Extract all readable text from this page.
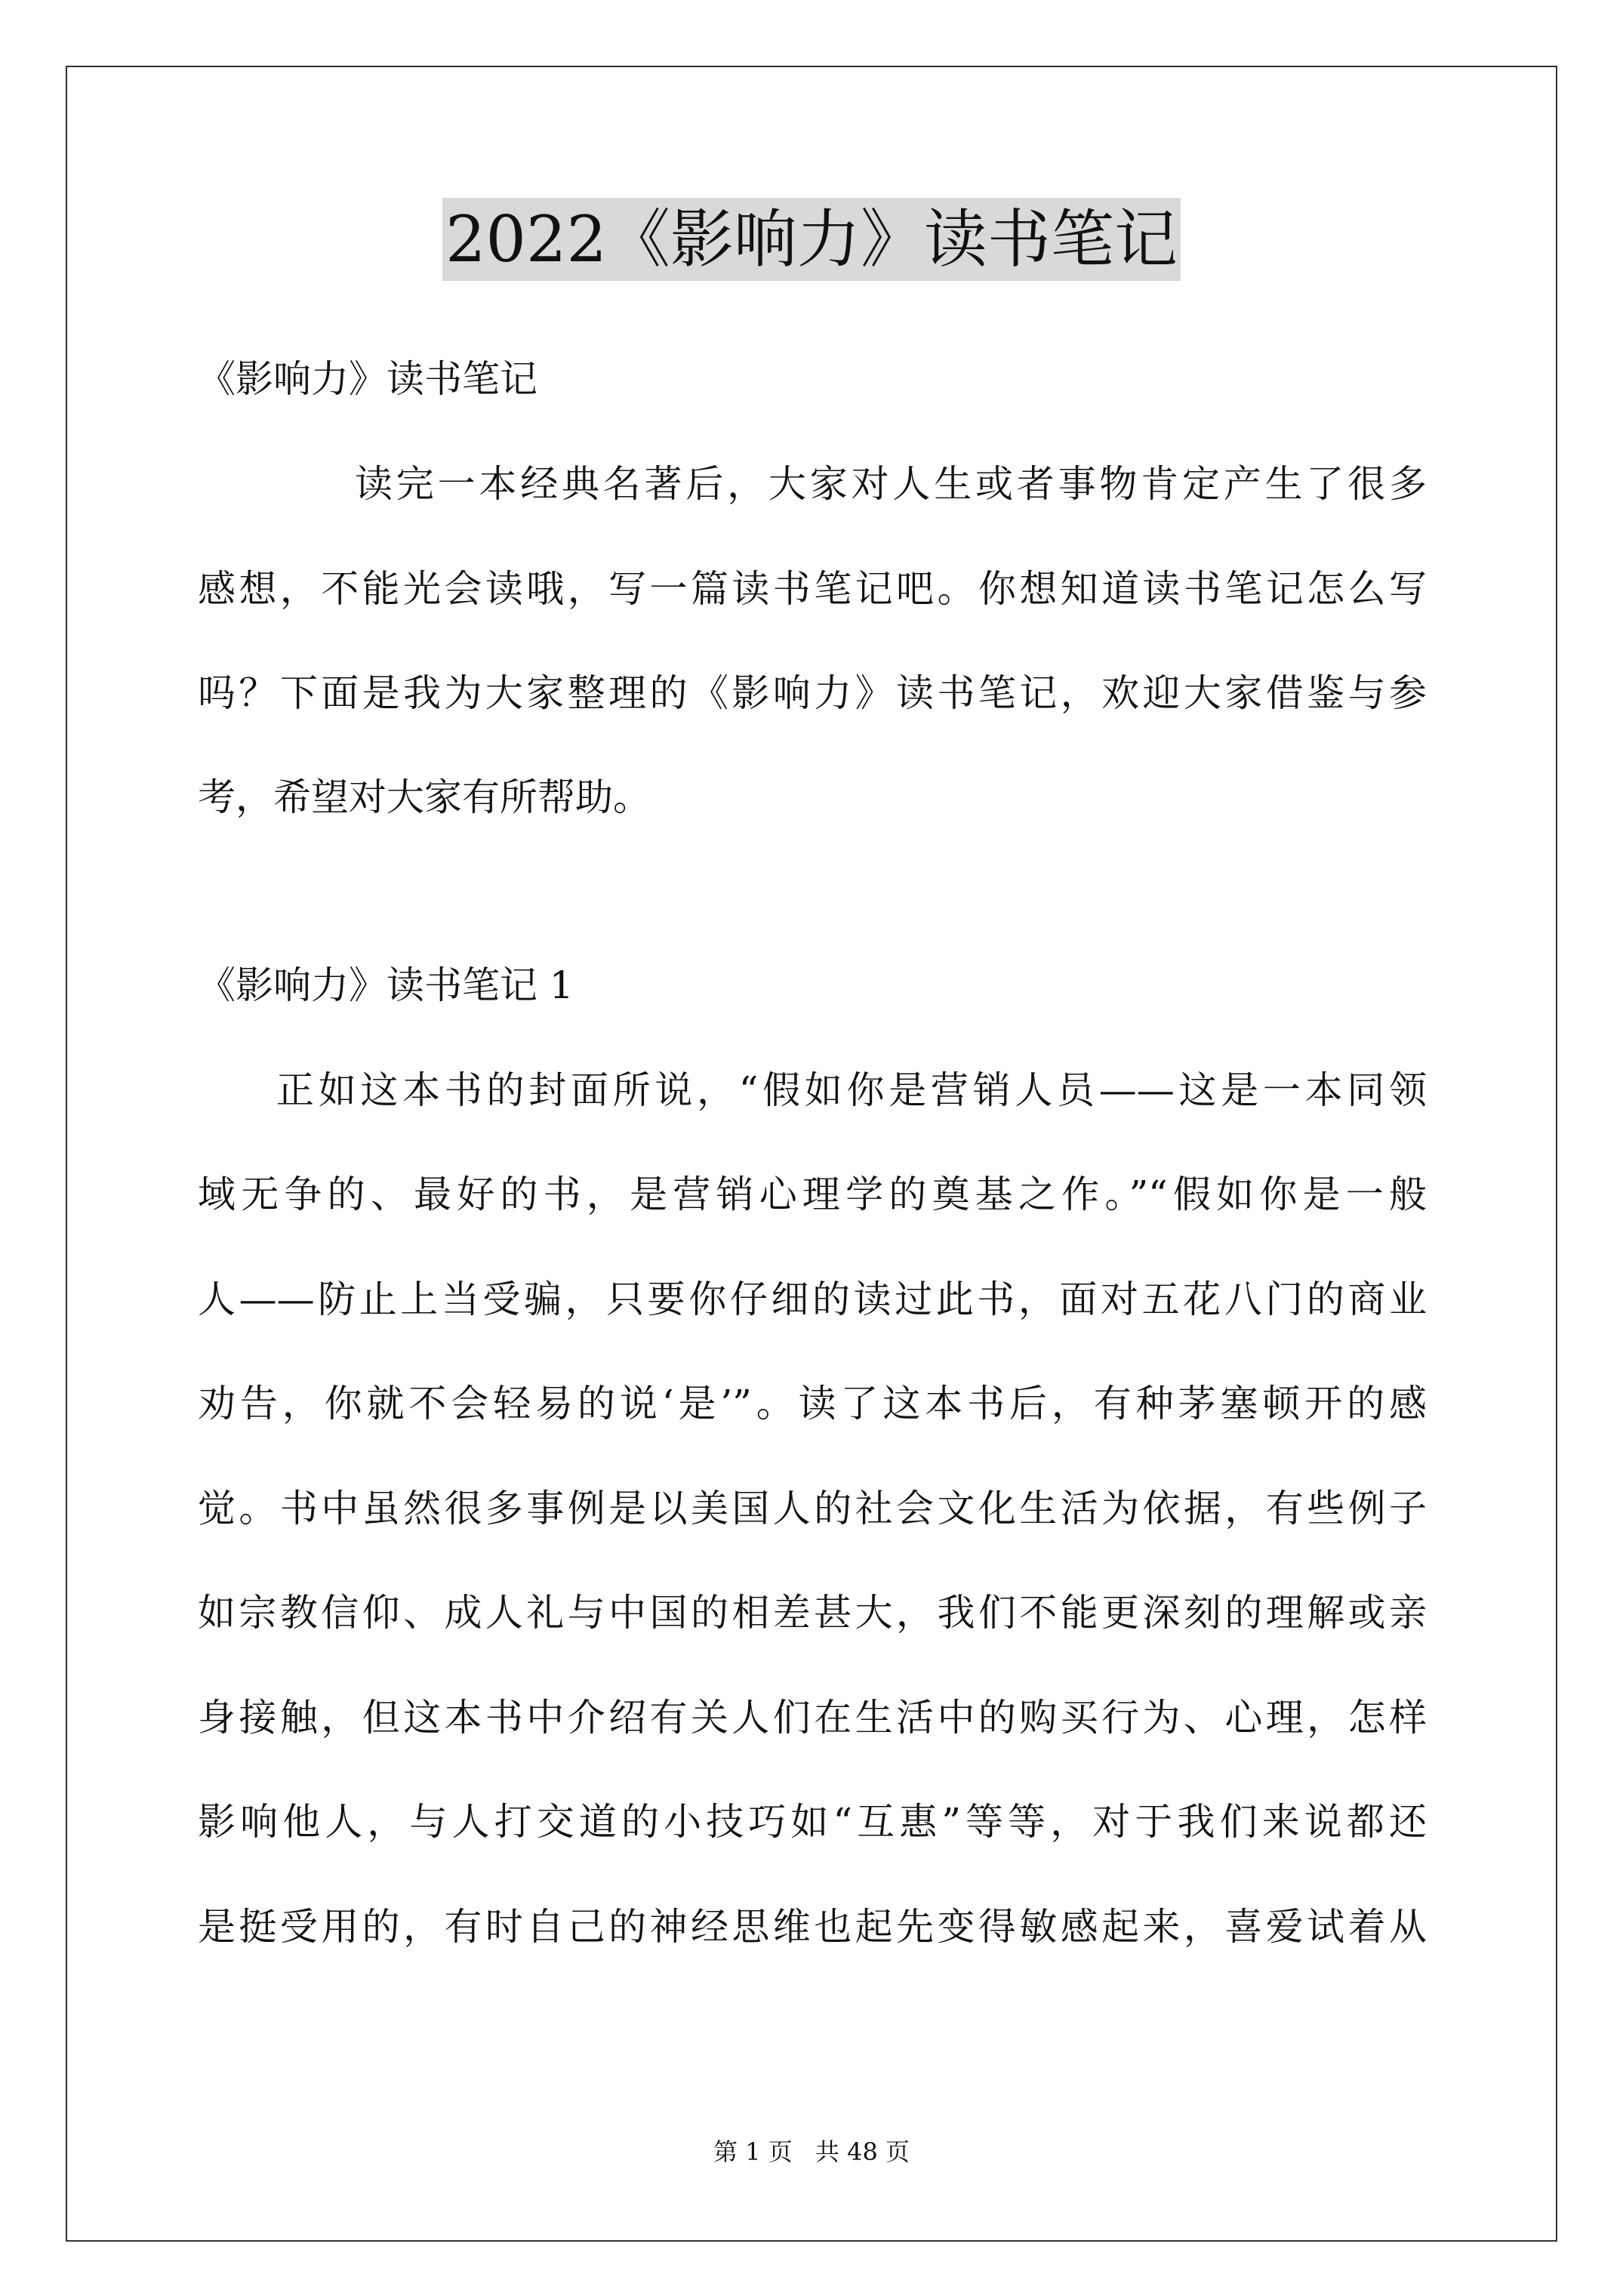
2022《影响力》读书笔记
《影响力》读书笔记
读完一本经典名著后，大家对人生或者事物肯定产生了很多
感想，不能光会读哦，写一篇读书笔记吧。你想知道读书笔记怎么写
吗？下面是我为大家整理的《影响力》读书笔记，欢迎大家借鉴与参
考，希望对大家有所帮助。
《影响力》读书笔记 1
正如这本书的封面所说，“假如你是营销人员——这是一本同领
域无争的、最好的书，是营销心理学的奠基之作。”“假如你是一般
人——防止上当受骗，只要你仔细的读过此书，面对五花八门的商业
劝告，你就不会轻易的说‘是’”。读了这本书后，有种茅塞顿开的感
觉。书中虽然很多事例是以美国人的社会文化生活为依据，有些例子
如宗教信仰、成人礼与中国的相差甚大，我们不能更深刻的理解或亲
身接触，但这本书中介绍有关人们在生活中的购买行为、心理，怎样
影响他人，与人打交道的小技巧如“互惠”等等，对于我们来说都还
是挺受用的，有时自己的神经思维也起先变得敏感起来，喜爱试着从
第 1 页 共 48 页
